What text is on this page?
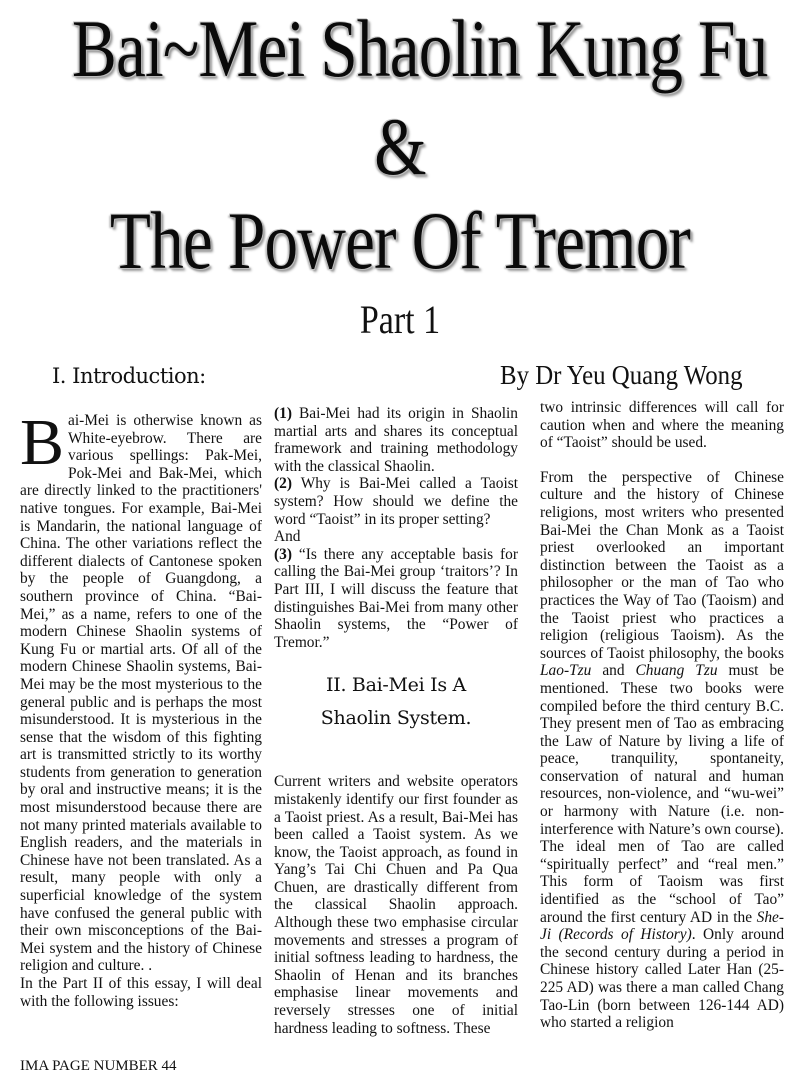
Bai~Mei Shaolin Kung Fu
&
The Power Of Tremor
Part 1
I. Introduction:	By Dr Yeu Quang Wong

Bai-Mei is otherwise known as White-eyebrow. There are various spellings: Pak-Mei, Pok-Mei and Bak-Mei, which are directly linked to the practitioners' native tongues. For example, Bai-Mei is Mandarin, the national language of China. The other variations reflect the different dialects of Cantonese spoken by the people of Guangdong, a southern province of China. “Bai-Mei,” as a name, refers to one of the modern Chinese Shaolin systems of Kung Fu or martial arts. Of all of the modern Chinese Shaolin systems, Bai-Mei may be the most mysterious to the general public and is perhaps the most misunderstood. It is mysterious in the sense that the wisdom of this fighting art is transmitted strictly to its worthy students from generation to generation by oral and instructive means; it is the most misunderstood because there are not many printed materials available to English readers, and the materials in Chinese have not been translated. As a result, many people with only a superficial knowledge of the system have confused the general public with their own misconceptions of the Bai-Mei system and the history of Chinese religion and culture. .

In the Part II of this essay, I will deal with the following issues:

(1) Bai-Mei had its origin in Shaolin martial arts and shares its conceptual framework and training methodology with the classical Shaolin.

(2) Why is Bai-Mei called a Taoist system? How should we define the word “Taoist” in its proper setting?

And

(3) “Is there any acceptable basis for calling the Bai-Mei group ‘traitors’? In Part III, I will discuss the feature that distinguishes Bai-Mei from many other Shaolin systems, the “Power of Tremor.”

II. Bai-Mei Is A
Shaolin System.

Current writers and website operators mistakenly identify our first founder as a Taoist priest. As a result, Bai-Mei has been called a Taoist system. As we know, the Taoist approach, as found in Yang’s Tai Chi Chuen and Pa Qua Chuen, are drastically different from the classical Shaolin approach. Although these two emphasise circular movements and stresses a program of initial softness leading to hardness, the Shaolin of Henan and its branches emphasise linear movements and reversely stresses one of initial hardness leading to softness. These

two intrinsic differences will call for caution when and where the meaning of “Taoist” should be used.

From the perspective of Chinese culture and the history of Chinese religions, most writers who presented Bai-Mei the Chan Monk as a Taoist priest overlooked an important distinction between the Taoist as a philosopher or the man of Tao who practices the Way of Tao (Taoism) and the Taoist priest who practices a religion (religious Taoism). As the sources of Taoist philosophy, the books Lao-Tzu and Chuang Tzu must be mentioned. These two books were compiled before the third century B.C. They present men of Tao as embracing the Law of Nature by living a life of peace, tranquility, spontaneity, conservation of natural and human resources, non-violence, and “wu-wei” or harmony with Nature (i.e. non-interference with Nature’s own course). The ideal men of Tao are called “spiritually perfect” and “real men.” This form of Taoism was first identified as the “school of Tao” around the first century AD in the She-Ji (Records of History). Only around the second century during a period in Chinese history called Later Han (25-225 AD) was there a man called Chang Tao-Lin (born between 126-144 AD) who started a religion

IMA PAGE NUMBER 44
